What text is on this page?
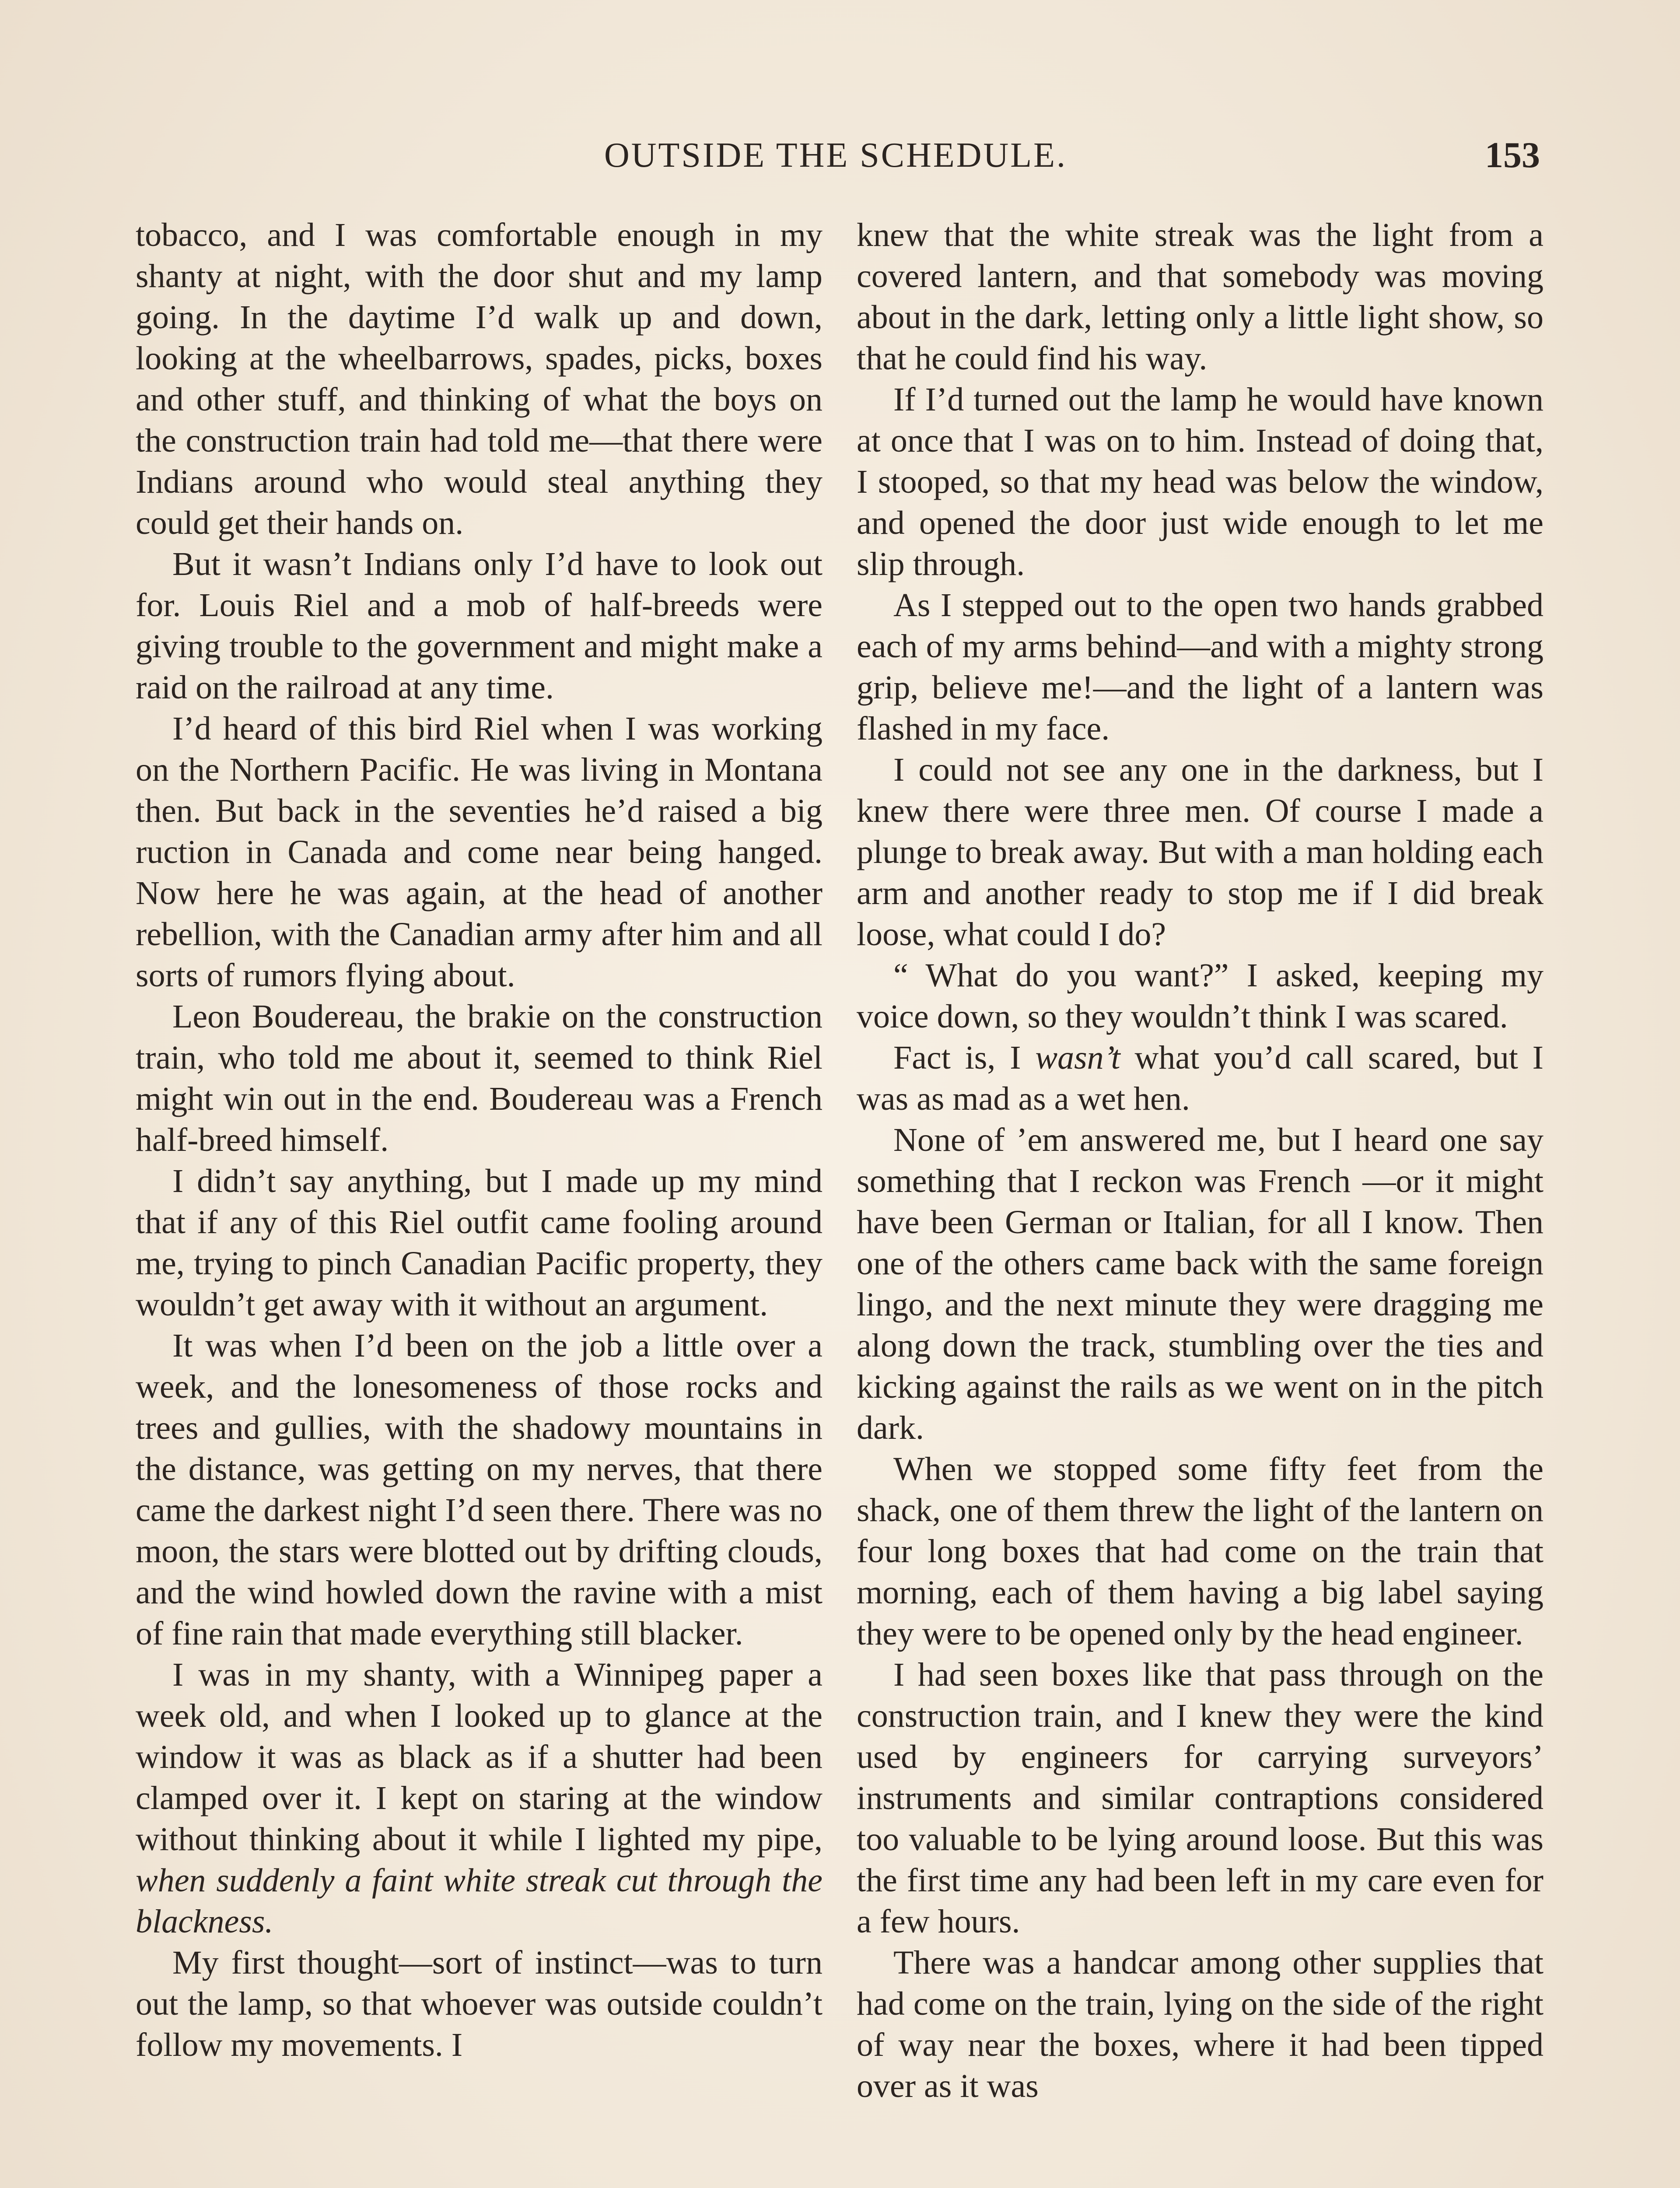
OUTSIDE THE SCHEDULE.	153

tobacco, and I was comfortable enough in my shanty at night, with the door shut and my lamp going. In the daytime I’d walk up and down, looking at the wheelbarrows, spades, picks, boxes and other stuff, and thinking of what the boys on the construction train had told me—that there were Indians around who would steal anything they could get their hands on.

But it wasn’t Indians only I’d have to look out for. Louis Riel and a mob of half-breeds were giving trouble to the government and might make a raid on the railroad at any time.

I’d heard of this bird Riel when I was working on the Northern Pacific. He was living in Montana then. But back in the seventies he’d raised a big ruction in Canada and come near being hanged. Now here he was again, at the head of another rebellion, with the Canadian army after him and all sorts of rumors flying about.

Leon Boudereau, the brakie on the construction train, who told me about it, seemed to think Riel might win out in the end. Boudereau was a French half-breed himself.

I didn’t say anything, but I made up my mind that if any of this Riel outfit came fooling around me, trying to pinch Canadian Pacific property, they wouldn’t get away with it without an argument.

It was when I’d been on the job a little over a week, and the lonesomeness of those rocks and trees and gullies, with the shadowy mountains in the distance, was getting on my nerves, that there came the darkest night I’d seen there. There was no moon, the stars were blotted out by drifting clouds, and the wind howled down the ravine with a mist of fine rain that made everything still blacker.

I was in my shanty, with a Winnipeg paper a week old, and when I looked up to glance at the window it was as black as if a shutter had been clamped over it. I kept on staring at the window without thinking about it while I lighted my pipe, when suddenly a faint white streak cut through the blackness.

My first thought—sort of instinct—was to turn out the lamp, so that whoever was outside couldn’t follow my movements. I

knew that the white streak was the light from a covered lantern, and that somebody was moving about in the dark, letting only a little light show, so that he could find his way.

If I’d turned out the lamp he would have known at once that I was on to him. Instead of doing that, I stooped, so that my head was below the window, and opened the door just wide enough to let me slip through.

As I stepped out to the open two hands grabbed each of my arms behind—and with a mighty strong grip, believe me!—and the light of a lantern was flashed in my face.

I could not see any one in the darkness, but I knew there were three men. Of course I made a plunge to break away. But with a man holding each arm and another ready to stop me if I did break loose, what could I do?

“ What do you want?” I asked, keeping my voice down, so they wouldn’t think I was scared.

Fact is, I wasn’t what you’d call scared, but I was as mad as a wet hen.

None of ’em answered me, but I heard one say something that I reckon was French —or it might have been German or Italian, for all I know. Then one of the others came back with the same foreign lingo, and the next minute they were dragging me along down the track, stumbling over the ties and kicking against the rails as we went on in the pitch dark.

When we stopped some fifty feet from the shack, one of them threw the light of the lantern on four long boxes that had come on the train that morning, each of them having a big label saying they were to be opened only by the head engineer.

I had seen boxes like that pass through on the construction train, and I knew they were the kind used by engineers for carrying surveyors’ instruments and similar contraptions considered too valuable to be lying around loose. But this was the first time any had been left in my care even for a few hours.

There was a handcar among other supplies that had come on the train, lying on the side of the right of way near the boxes, where it had been tipped over as it was
